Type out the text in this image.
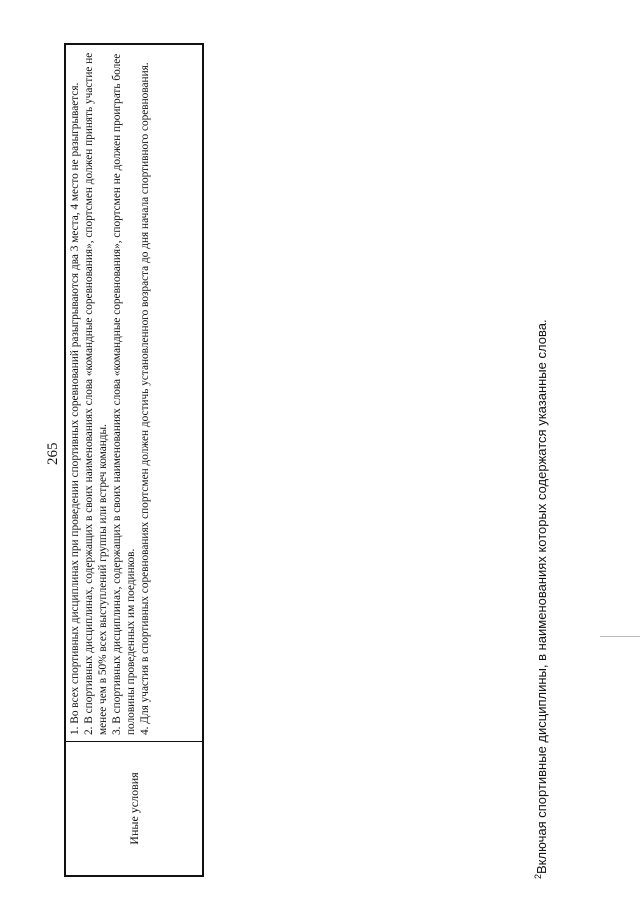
265
Иные условия

1. Во всех спортивных дисциплинах при проведении спортивных соревнований разыгрываются два 3 места, 4 место не разыгрывается. 2. В спортивных дисциплинах, содержащих в своих наименованиях слова «командные соревнования», спортсмен должен принять участие не менее чем в 50% всех выступлений группы или встреч команды. 3. В спортивных дисциплинах, содержащих в своих наименованиях слова «командные соревнования», спортсмен не должен проиграть более половины проведенных им поединков. 4. Для участия в спортивных соревнованиях спортсмен должен достичь установленного возраста до дня начала спортивного соревнования.

$^2$Включая спортивные дисциплины, в наименованиях которых содержатся указанные слова.
